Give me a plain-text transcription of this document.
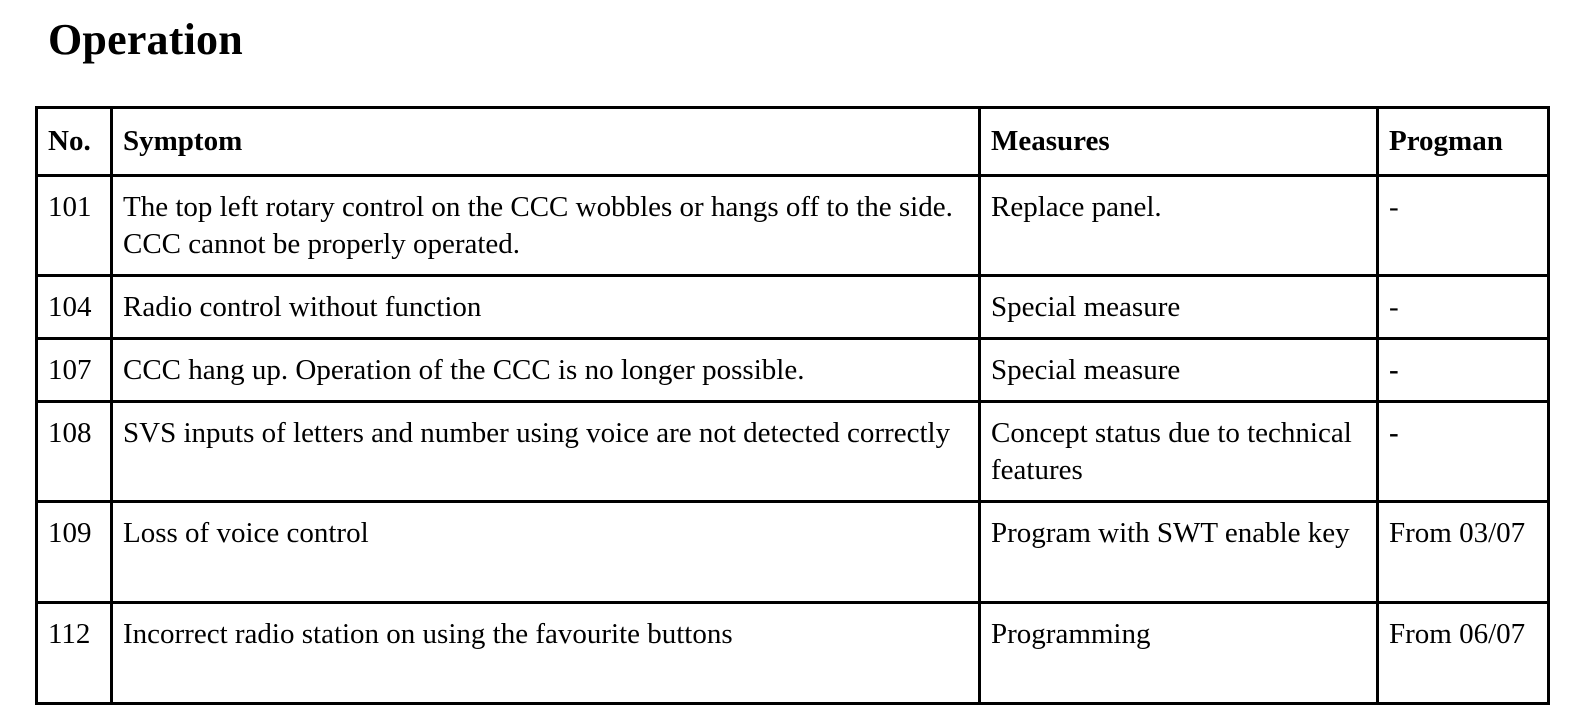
Operation
No.	Symptom	Measures	Progman
101	The top left rotary control on the CCC wobbles or hangs off to the side. CCC cannot be properly operated.	Replace panel.	-
104	Radio control without function	Special measure	-
107	CCC hang up. Operation of the CCC is no longer possible.	Special measure	-
108	SVS inputs of letters and number using voice are not detected correctly	Concept status due to technical features	-
109	Loss of voice control	Program with SWT enable key	From 03/07
112	Incorrect radio station on using the favourite buttons	Programming	From 06/07
